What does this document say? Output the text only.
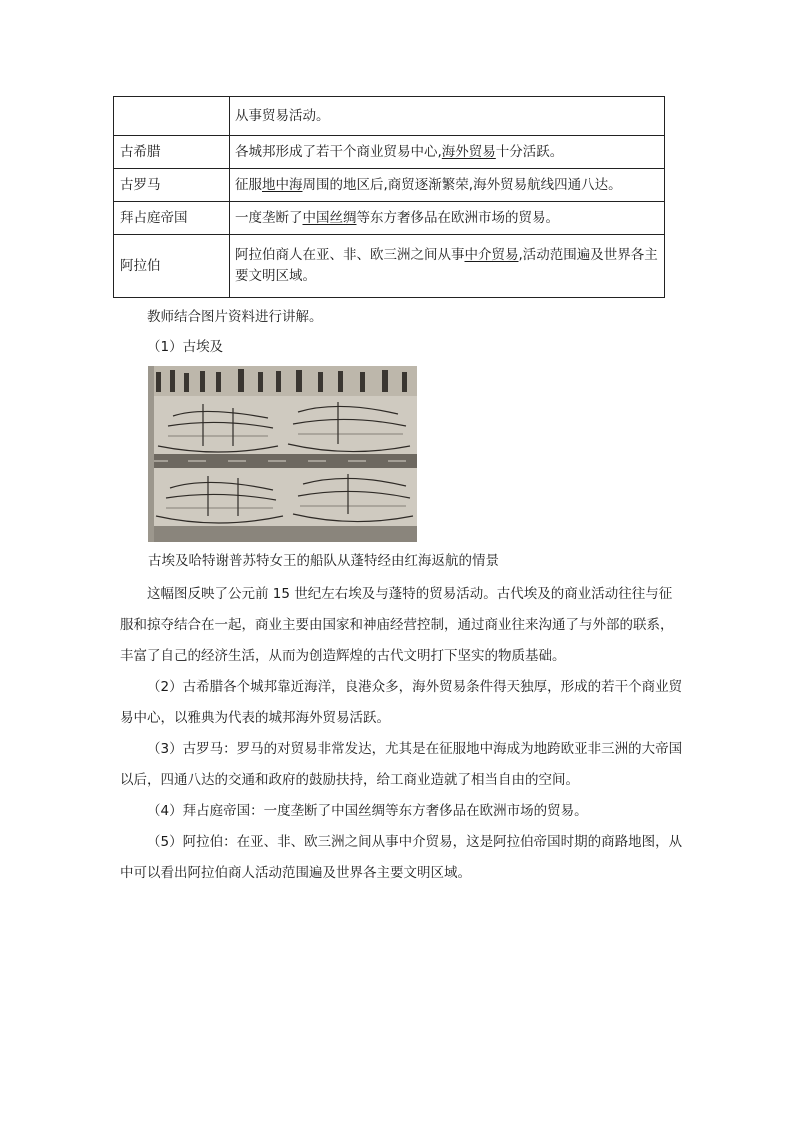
	从事贸易活动。
古希腊	各城邦形成了若干个商业贸易中心,海外贸易十分活跃。
古罗马	征服地中海周围的地区后,商贸逐渐繁荣,海外贸易航线四通八达。
拜占庭帝国	一度垄断了中国丝绸等东方奢侈品在欧洲市场的贸易。
阿拉伯	阿拉伯商人在亚、非、欧三洲之间从事中介贸易,活动范围遍及世界各主要文明区域。

教师结合图片资料进行讲解。

（1）古埃及

古埃及哈特谢普苏特女王的船队从蓬特经由红海返航的情景

这幅图反映了公元前 15 世纪左右埃及与蓬特的贸易活动。古代埃及的商业活动往往与征服和掠夺结合在一起，商业主要由国家和神庙经营控制，通过商业往来沟通了与外部的联系，丰富了自己的经济生活，从而为创造辉煌的古代文明打下坚实的物质基础。

（2）古希腊各个城邦靠近海洋，良港众多，海外贸易条件得天独厚，形成的若干个商业贸易中心，以雅典为代表的城邦海外贸易活跃。

（3）古罗马：罗马的对贸易非常发达，尤其是在征服地中海成为地跨欧亚非三洲的大帝国以后，四通八达的交通和政府的鼓励扶持，给工商业造就了相当自由的空间。

（4）拜占庭帝国：一度垄断了中国丝绸等东方奢侈品在欧洲市场的贸易。

（5）阿拉伯：在亚、非、欧三洲之间从事中介贸易，这是阿拉伯帝国时期的商路地图，从中可以看出阿拉伯商人活动范围遍及世界各主要文明区域。
